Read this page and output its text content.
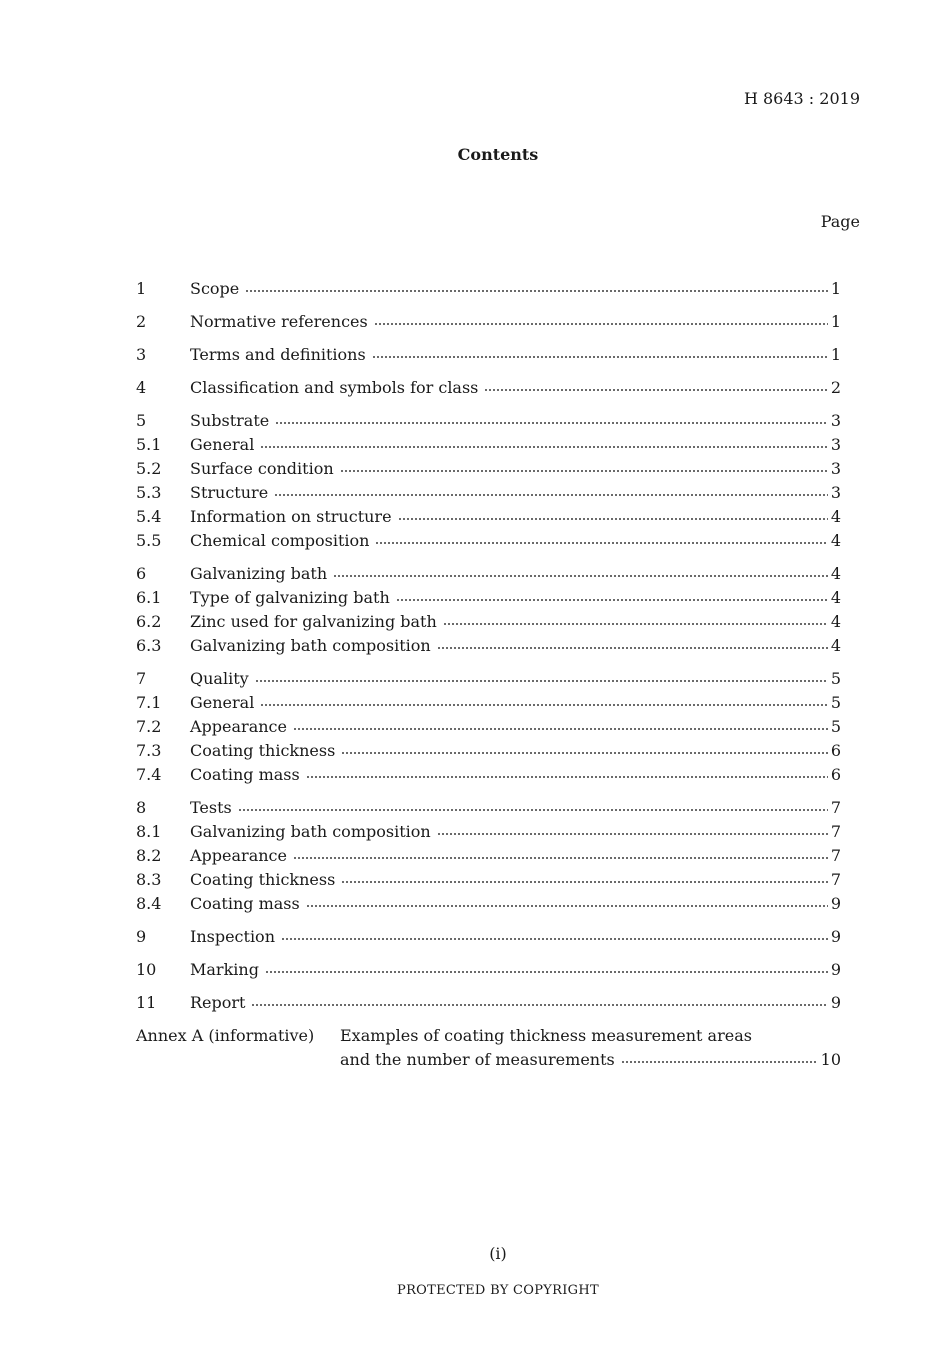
H 8643 : 2019
Contents
Page
1	Scope	1
2	Normative references	1
3	Terms and definitions	1
4	Classification and symbols for class	2
5	Substrate	3
5.1	General	3
5.2	Surface condition	3
5.3	Structure	3
5.4	Information on structure	4
5.5	Chemical composition	4
6	Galvanizing bath	4
6.1	Type of galvanizing bath	4
6.2	Zinc used for galvanizing bath	4
6.3	Galvanizing bath composition	4
7	Quality	5
7.1	General	5
7.2	Appearance	5
7.3	Coating thickness	6
7.4	Coating mass	6
8	Tests	7
8.1	Galvanizing bath composition	7
8.2	Appearance	7
8.3	Coating thickness	7
8.4	Coating mass	9
9	Inspection	9
10	Marking	9
11	Report	9
Annex A (informative)	Examples of coating thickness measurement areas
and the number of measurements	10
(i)
PROTECTED BY COPYRIGHT
